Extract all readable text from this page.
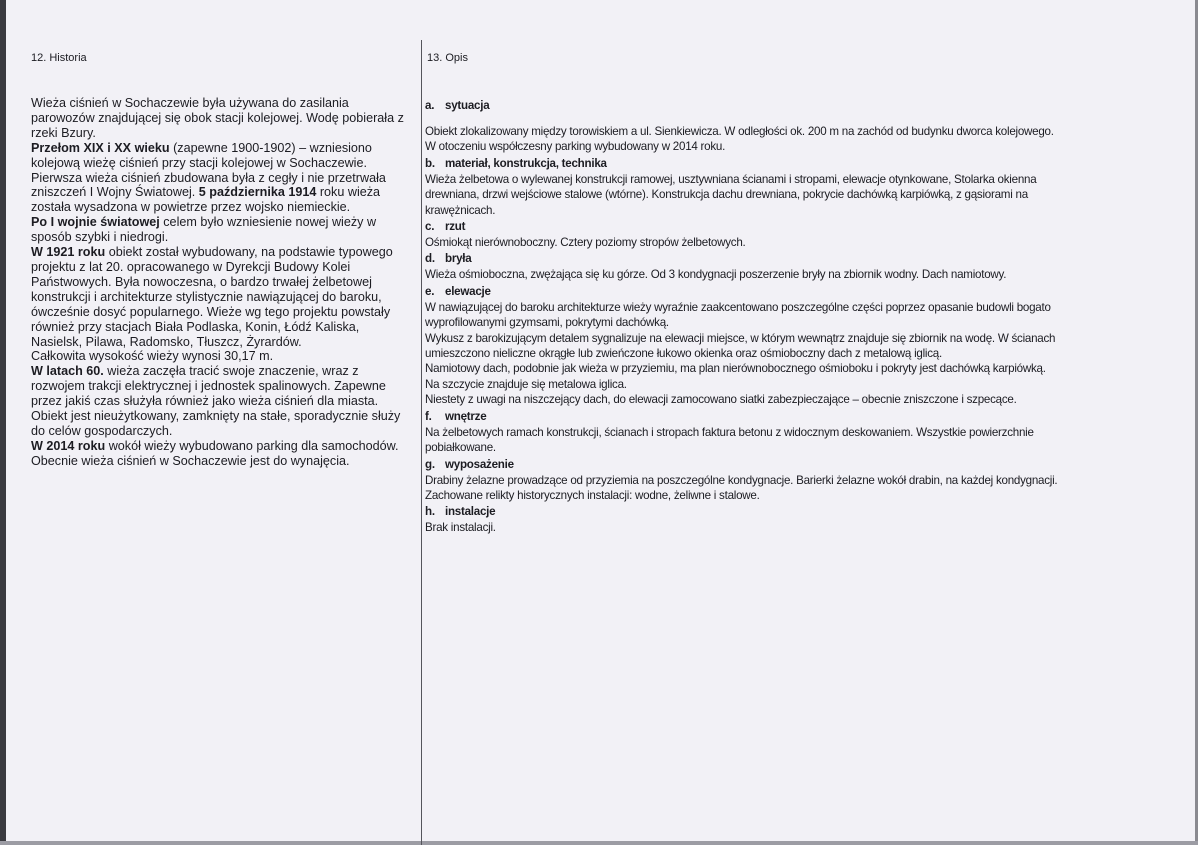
12. Historia	13. Opis
Wieża ciśnień w Sochaczewie była używana do zasilania
parowozów znajdującej się obok stacji kolejowej. Wodę pobierała z
rzeki Bzury.
Przełom XIX i XX wieku (zapewne 1900-1902) – wzniesiono
kolejową wieżę ciśnień przy stacji kolejowej w Sochaczewie.
Pierwsza wieża ciśnień zbudowana była z cegły i nie przetrwała
zniszczeń I Wojny Światowej. 5 października 1914 roku wieża
została wysadzona w powietrze przez wojsko niemieckie.
Po I wojnie światowej celem było wzniesienie nowej wieży w
sposób szybki i niedrogi.
W 1921 roku obiekt został wybudowany, na podstawie typowego
projektu z lat 20. opracowanego w Dyrekcji Budowy Kolei
Państwowych. Była nowoczesna, o bardzo trwałej żelbetowej
konstrukcji i architekturze stylistycznie nawiązującej do baroku,
ówcześnie dosyć popularnego. Wieże wg tego projektu powstały
również przy stacjach Biała Podlaska, Konin, Łódź Kaliska,
Nasielsk, Pilawa, Radomsko, Tłuszcz, Żyrardów.
Całkowita wysokość wieży wynosi 30,17 m.
W latach 60. wieża zaczęła tracić swoje znaczenie, wraz z
rozwojem trakcji elektrycznej i jednostek spalinowych. Zapewne
przez jakiś czas służyła również jako wieża ciśnień dla miasta.
Obiekt jest nieużytkowany, zamknięty na stałe, sporadycznie służy
do celów gospodarczych.
W 2014 roku wokół wieży wybudowano parking dla samochodów.
Obecnie wieża ciśnień w Sochaczewie jest do wynajęcia.
a. sytuacja
Obiekt zlokalizowany między torowiskiem a ul. Sienkiewicza. W odległości ok. 200 m na zachód od budynku dworca kolejowego.
W otoczeniu współczesny parking wybudowany w 2014 roku.
b. materiał, konstrukcja, technika
Wieża żelbetowa o wylewanej konstrukcji ramowej, usztywniana ścianami i stropami, elewacje otynkowane, Stolarka okienna
drewniana, drzwi wejściowe stalowe (wtórne). Konstrukcja dachu drewniana, pokrycie dachówką karpiówką, z gąsiorami na
krawężnicach.
c. rzut
Ośmiokąt nierównoboczny. Cztery poziomy stropów żelbetowych.
d. bryła
Wieża ośmioboczna, zwężająca się ku górze. Od 3 kondygnacji poszerzenie bryły na zbiornik wodny. Dach namiotowy.
e. elewacje
W nawiązującej do baroku architekturze wieży wyraźnie zaakcentowano poszczególne części poprzez opasanie budowli bogato
wyprofilowanymi gzymsami, pokrytymi dachówką.
Wykusz z barokizującym detalem sygnalizuje na elewacji miejsce, w którym wewnątrz znajduje się zbiornik na wodę. W ścianach
umieszczono nieliczne okrągłe lub zwieńczone łukowo okienka oraz ośmioboczny dach z metalową iglicą.
Namiotowy dach, podobnie jak wieża w przyziemiu, ma plan nierównobocznego ośmioboku i pokryty jest dachówką karpiówką.
Na szczycie znajduje się metalowa iglica.
Niestety z uwagi na niszczejący dach, do elewacji zamocowano siatki zabezpieczające – obecnie zniszczone i szpecące.
f. wnętrze
Na żelbetowych ramach konstrukcji, ścianach i stropach faktura betonu z widocznym deskowaniem. Wszystkie powierzchnie
pobiałkowane.
g. wyposażenie
Drabiny żelazne prowadzące od przyziemia na poszczególne kondygnacje. Barierki żelazne wokół drabin, na każdej kondygnacji.
Zachowane relikty historycznych instalacji: wodne, żeliwne i stalowe.
h. instalacje
Brak instalacji.
